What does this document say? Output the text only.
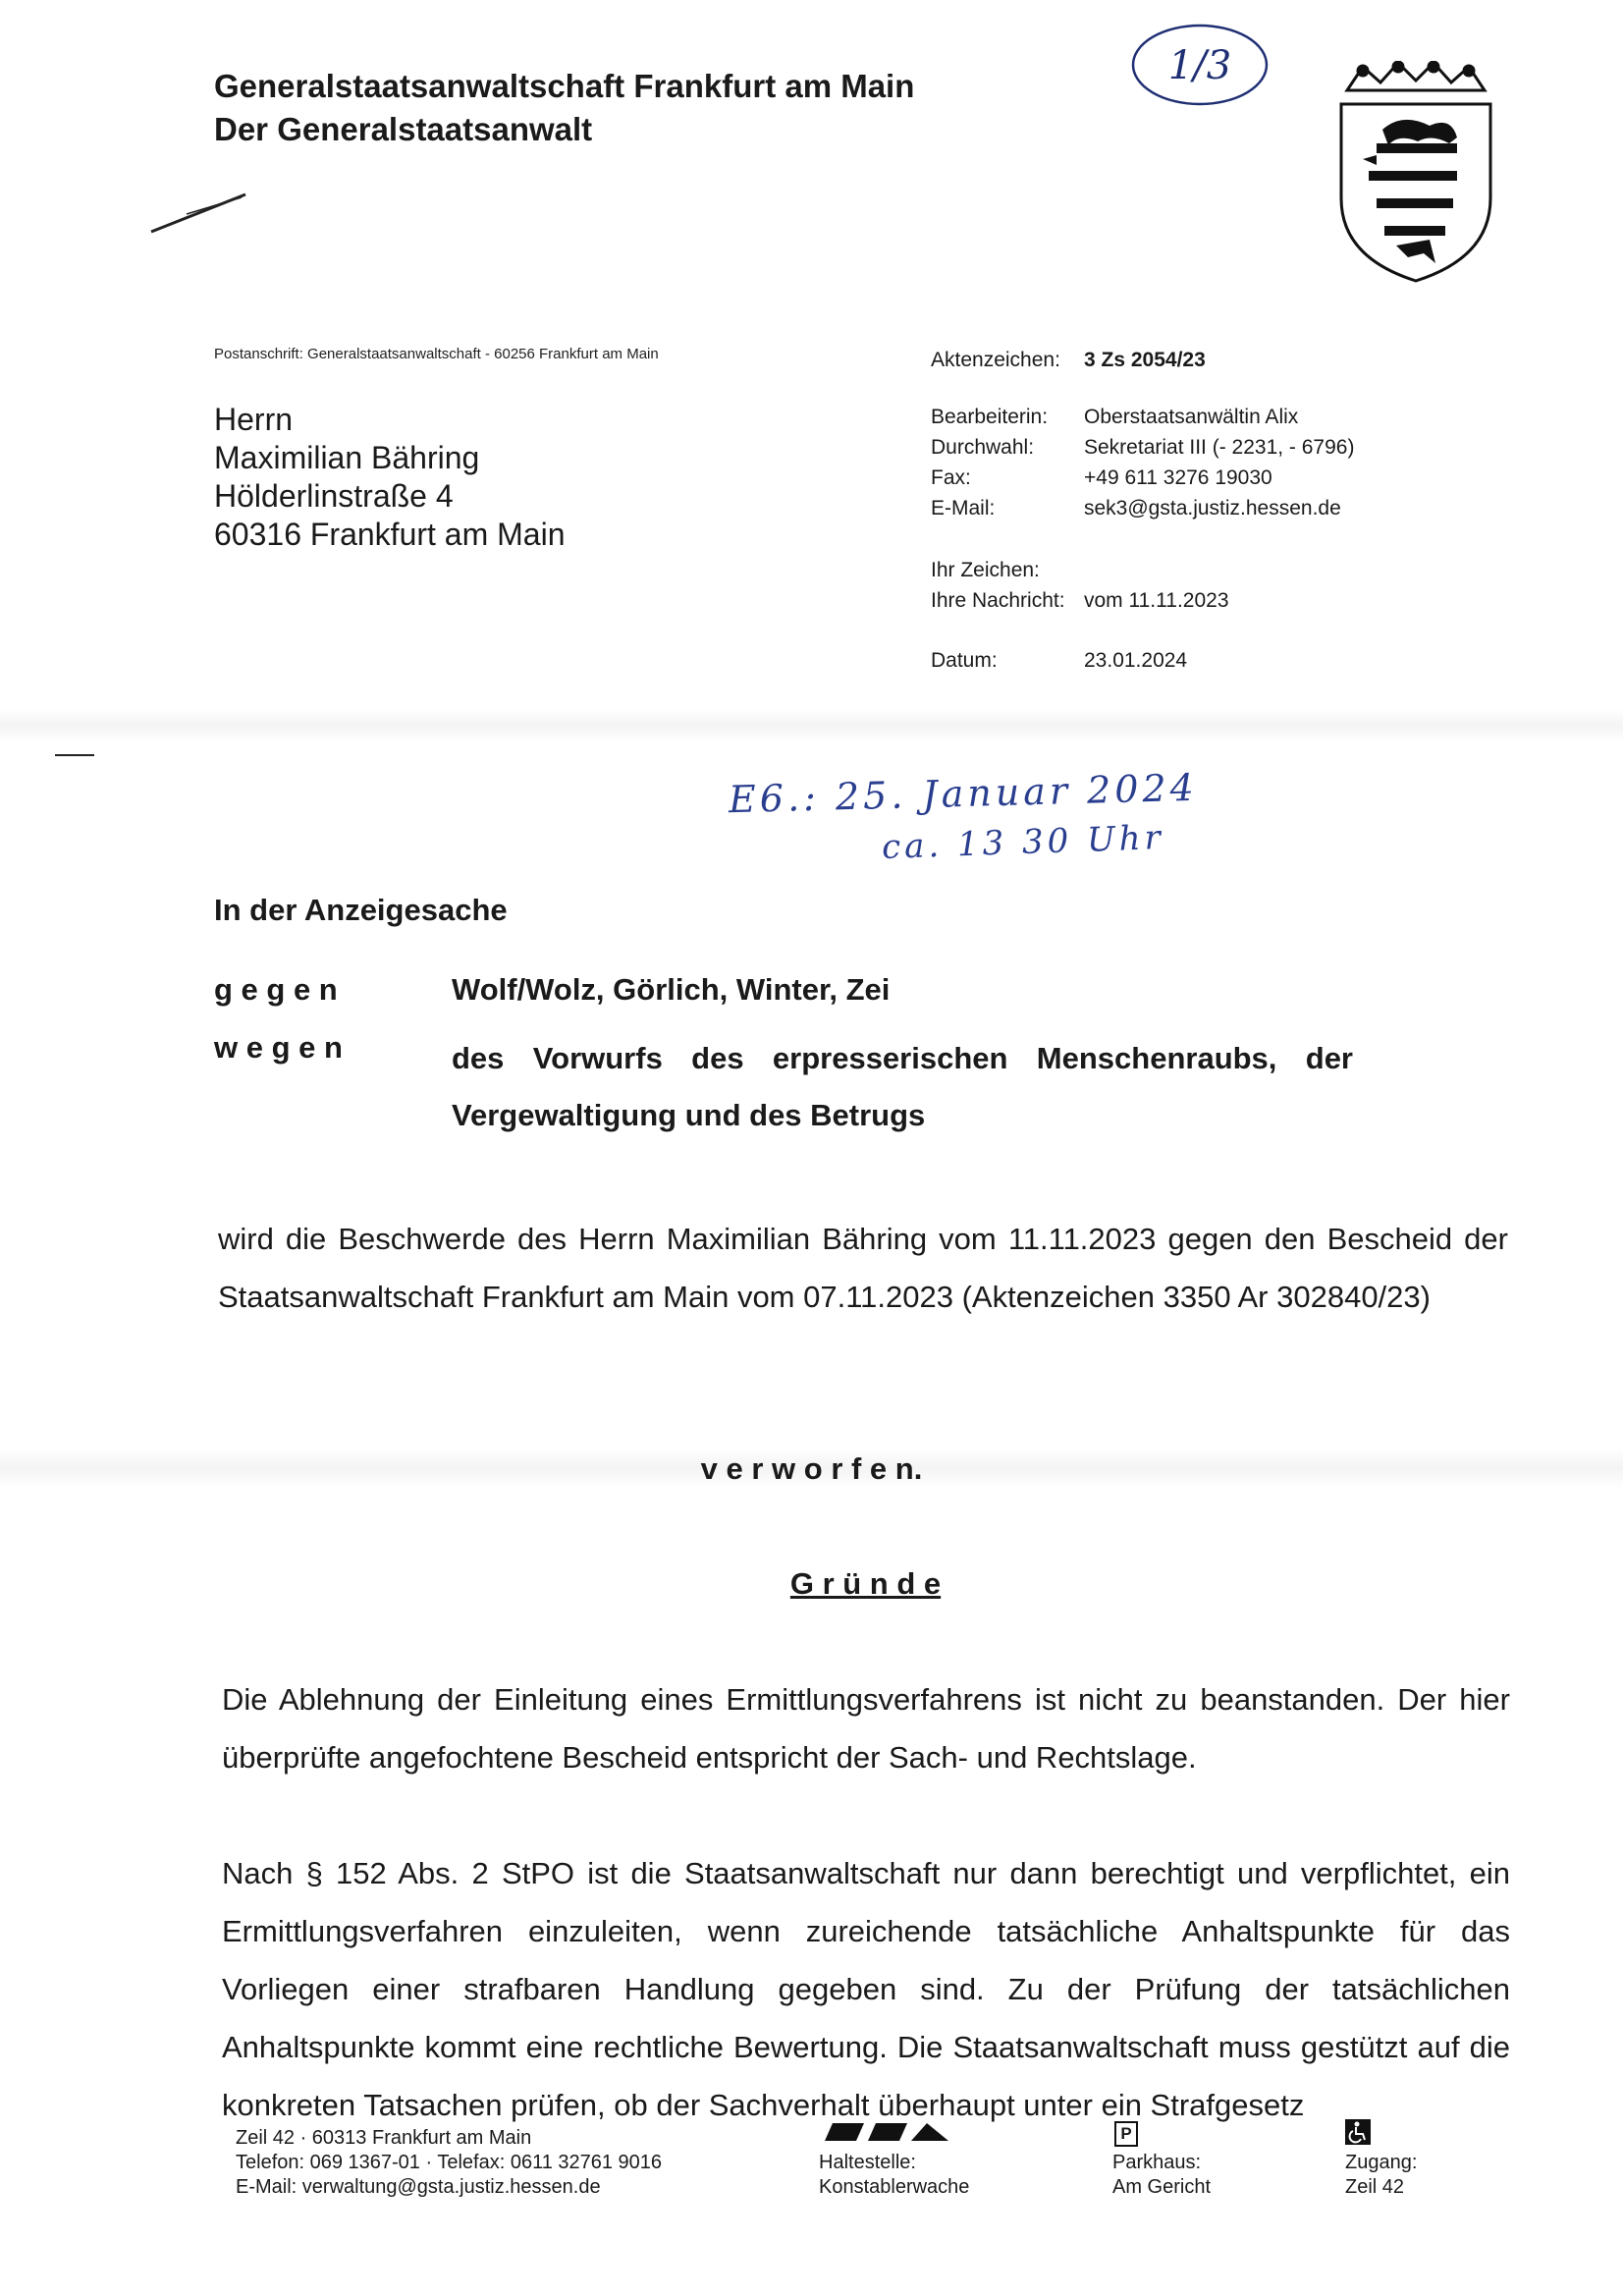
Generalstaatsanwaltschaft Frankfurt am Main
Der Generalstaatsanwalt
1/3
Postanschrift: Generalstaatsanwaltschaft - 60256 Frankfurt am Main
Herrn
Maximilian Bähring
Hölderlinstraße 4
60316 Frankfurt am Main
Aktenzeichen: 3 Zs 2054/23
Bearbeiterin: Oberstaatsanwältin Alix
Durchwahl: Sekretariat III (- 2231, - 6796)
Fax:	+49 611 3276 19030
E-Mail:	sek3@gsta.justiz.hessen.de
Ihr Zeichen:
Ihre Nachricht: vom 11.11.2023
Datum:	23.01.2024
E6.: 25. Januar 2024
ca. 13 30 Uhr
In der Anzeigesache
g e g e n	Wolf/Wolz, Görlich, Winter, Zei
w e g e n	des Vorwurfs des erpresserischen Menschenraubs, der
Vergewaltigung und des Betrugs
wird die Beschwerde des Herrn Maximilian Bähring vom 11.11.2023 gegen den Bescheid der Staatsanwaltschaft Frankfurt am Main vom 07.11.2023 (Aktenzeichen 3350 Ar 302840/23)
v e r w o r f e n.
G r ü n d e
Die Ablehnung der Einleitung eines Ermittlungsverfahrens ist nicht zu beanstanden. Der hier überprüfte angefochtene Bescheid entspricht der Sach- und Rechtslage.
Nach § 152 Abs. 2 StPO ist die Staatsanwaltschaft nur dann berechtigt und verpflichtet, ein Ermittlungsverfahren einzuleiten, wenn zureichende tatsächliche Anhaltspunkte für das Vorliegen einer strafbaren Handlung gegeben sind. Zu der Prüfung der tatsächlichen Anhaltspunkte kommt eine rechtliche Bewertung. Die Staatsanwaltschaft muss gestützt auf die konkreten Tatsachen prüfen, ob der Sachverhalt überhaupt unter ein Strafgesetz
Zeil 42 · 60313 Frankfurt am Main
Telefon: 069 1367-01 · Telefax: 0611 32761 9016
E-Mail: verwaltung@gsta.justiz.hessen.de
Haltestelle:
Konstablerwache
P
Parkhaus:
Am Gericht
Zugang:
Zeil 42
